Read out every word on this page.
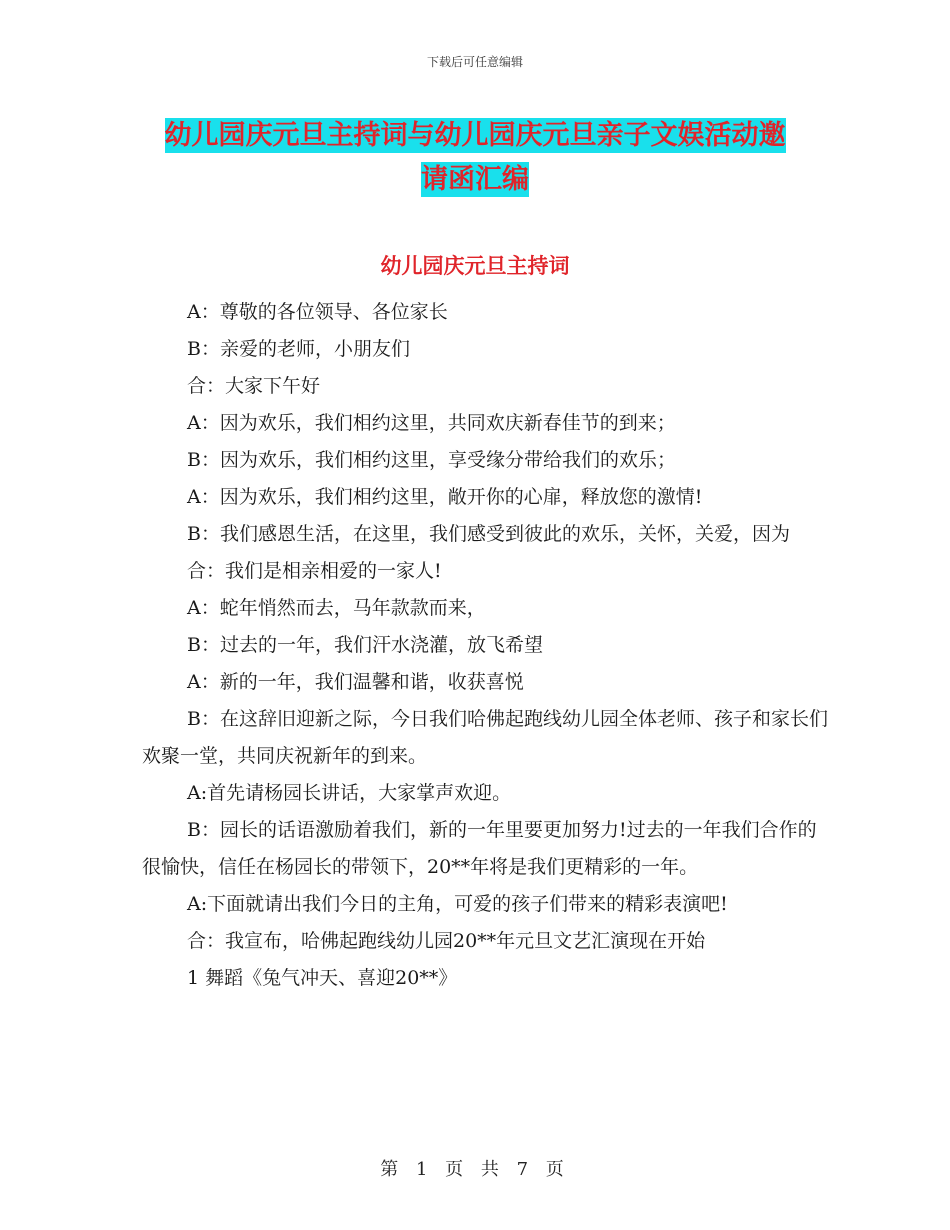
下载后可任意编辑
幼儿园庆元旦主持词与幼儿园庆元旦亲子文娱活动邀
请函汇编
幼儿园庆元旦主持词

A：尊敬的各位领导、各位家长

B：亲爱的老师，小朋友们

合：大家下午好

A：因为欢乐，我们相约这里，共同欢庆新春佳节的到来；

B：因为欢乐，我们相约这里，享受缘分带给我们的欢乐；

A：因为欢乐，我们相约这里，敞开你的心扉，释放您的激情!

B：我们感恩生活，在这里，我们感受到彼此的欢乐，关怀，关爱，因为

合：我们是相亲相爱的一家人!

A：蛇年悄然而去，马年款款而来，

B：过去的一年，我们汗水浇灌，放飞希望

A：新的一年，我们温馨和谐，收获喜悦

B：在这辞旧迎新之际，今日我们哈佛起跑线幼儿园全体老师、孩子和家长们欢聚一堂，共同庆祝新年的到来。

A:首先请杨园长讲话，大家掌声欢迎。

B：园长的话语激励着我们，新的一年里要更加努力!过去的一年我们合作的很愉快，信任在杨园长的带领下，20**年将是我们更精彩的一年。

A:下面就请出我们今日的主角，可爱的孩子们带来的精彩表演吧!

合：我宣布，哈佛起跑线幼儿园20**年元旦文艺汇演现在开始

1 舞蹈《兔气冲天、喜迎20**》

第 1 页 共 7 页
